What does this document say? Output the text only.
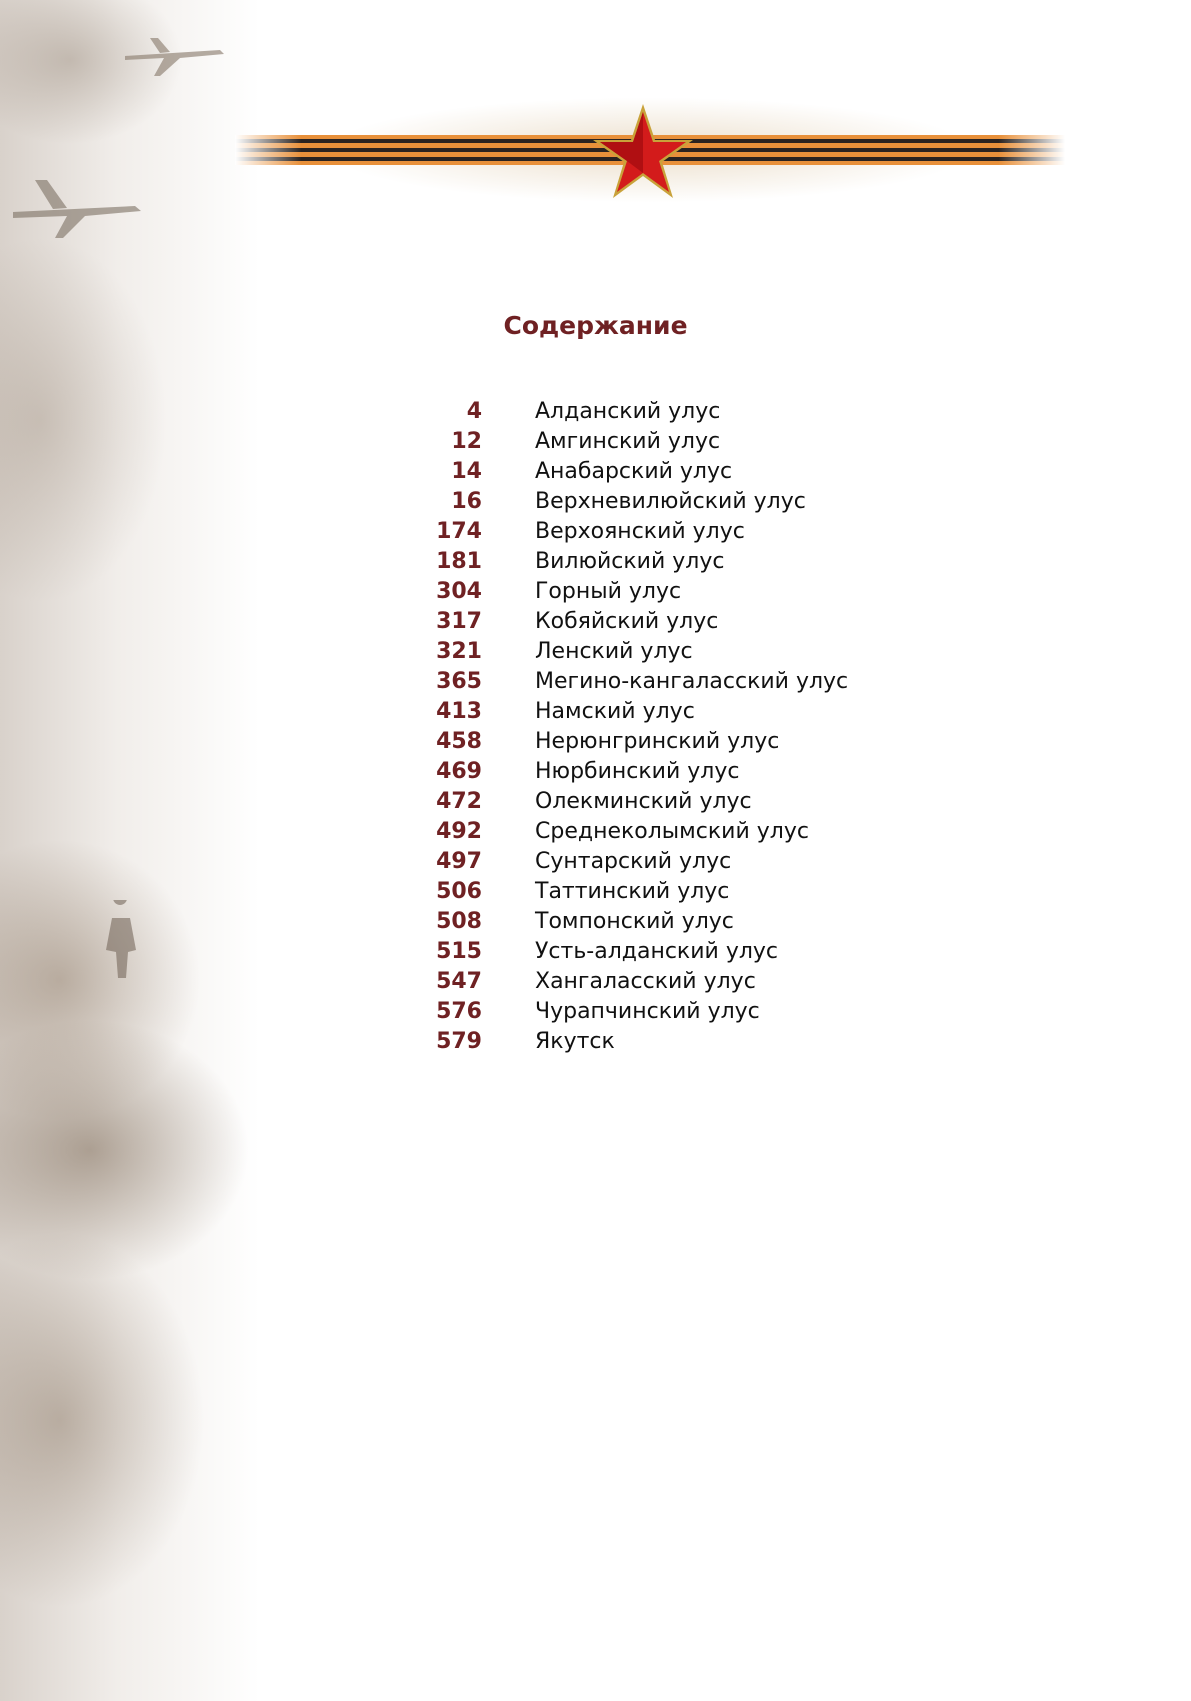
Содержание
4 Алданский улус
12 Амгинский улус
14 Анабарский улус
16 Верхневилюйский улус
174 Верхоянский улус
181 Вилюйский улус
304 Горный улус
317 Кобяйский улус
321 Ленский улус
365 Мегино-кангаласский улус
413 Намский улус
458 Нерюнгринский улус
469 Нюрбинский улус
472 Олекминский улус
492 Среднеколымский улус
497 Сунтарский улус
506 Таттинский улус
508 Томпонский улус
515 Усть-алданский улус
547 Хангаласский улус
576 Чурапчинский улус
579 Якутск
